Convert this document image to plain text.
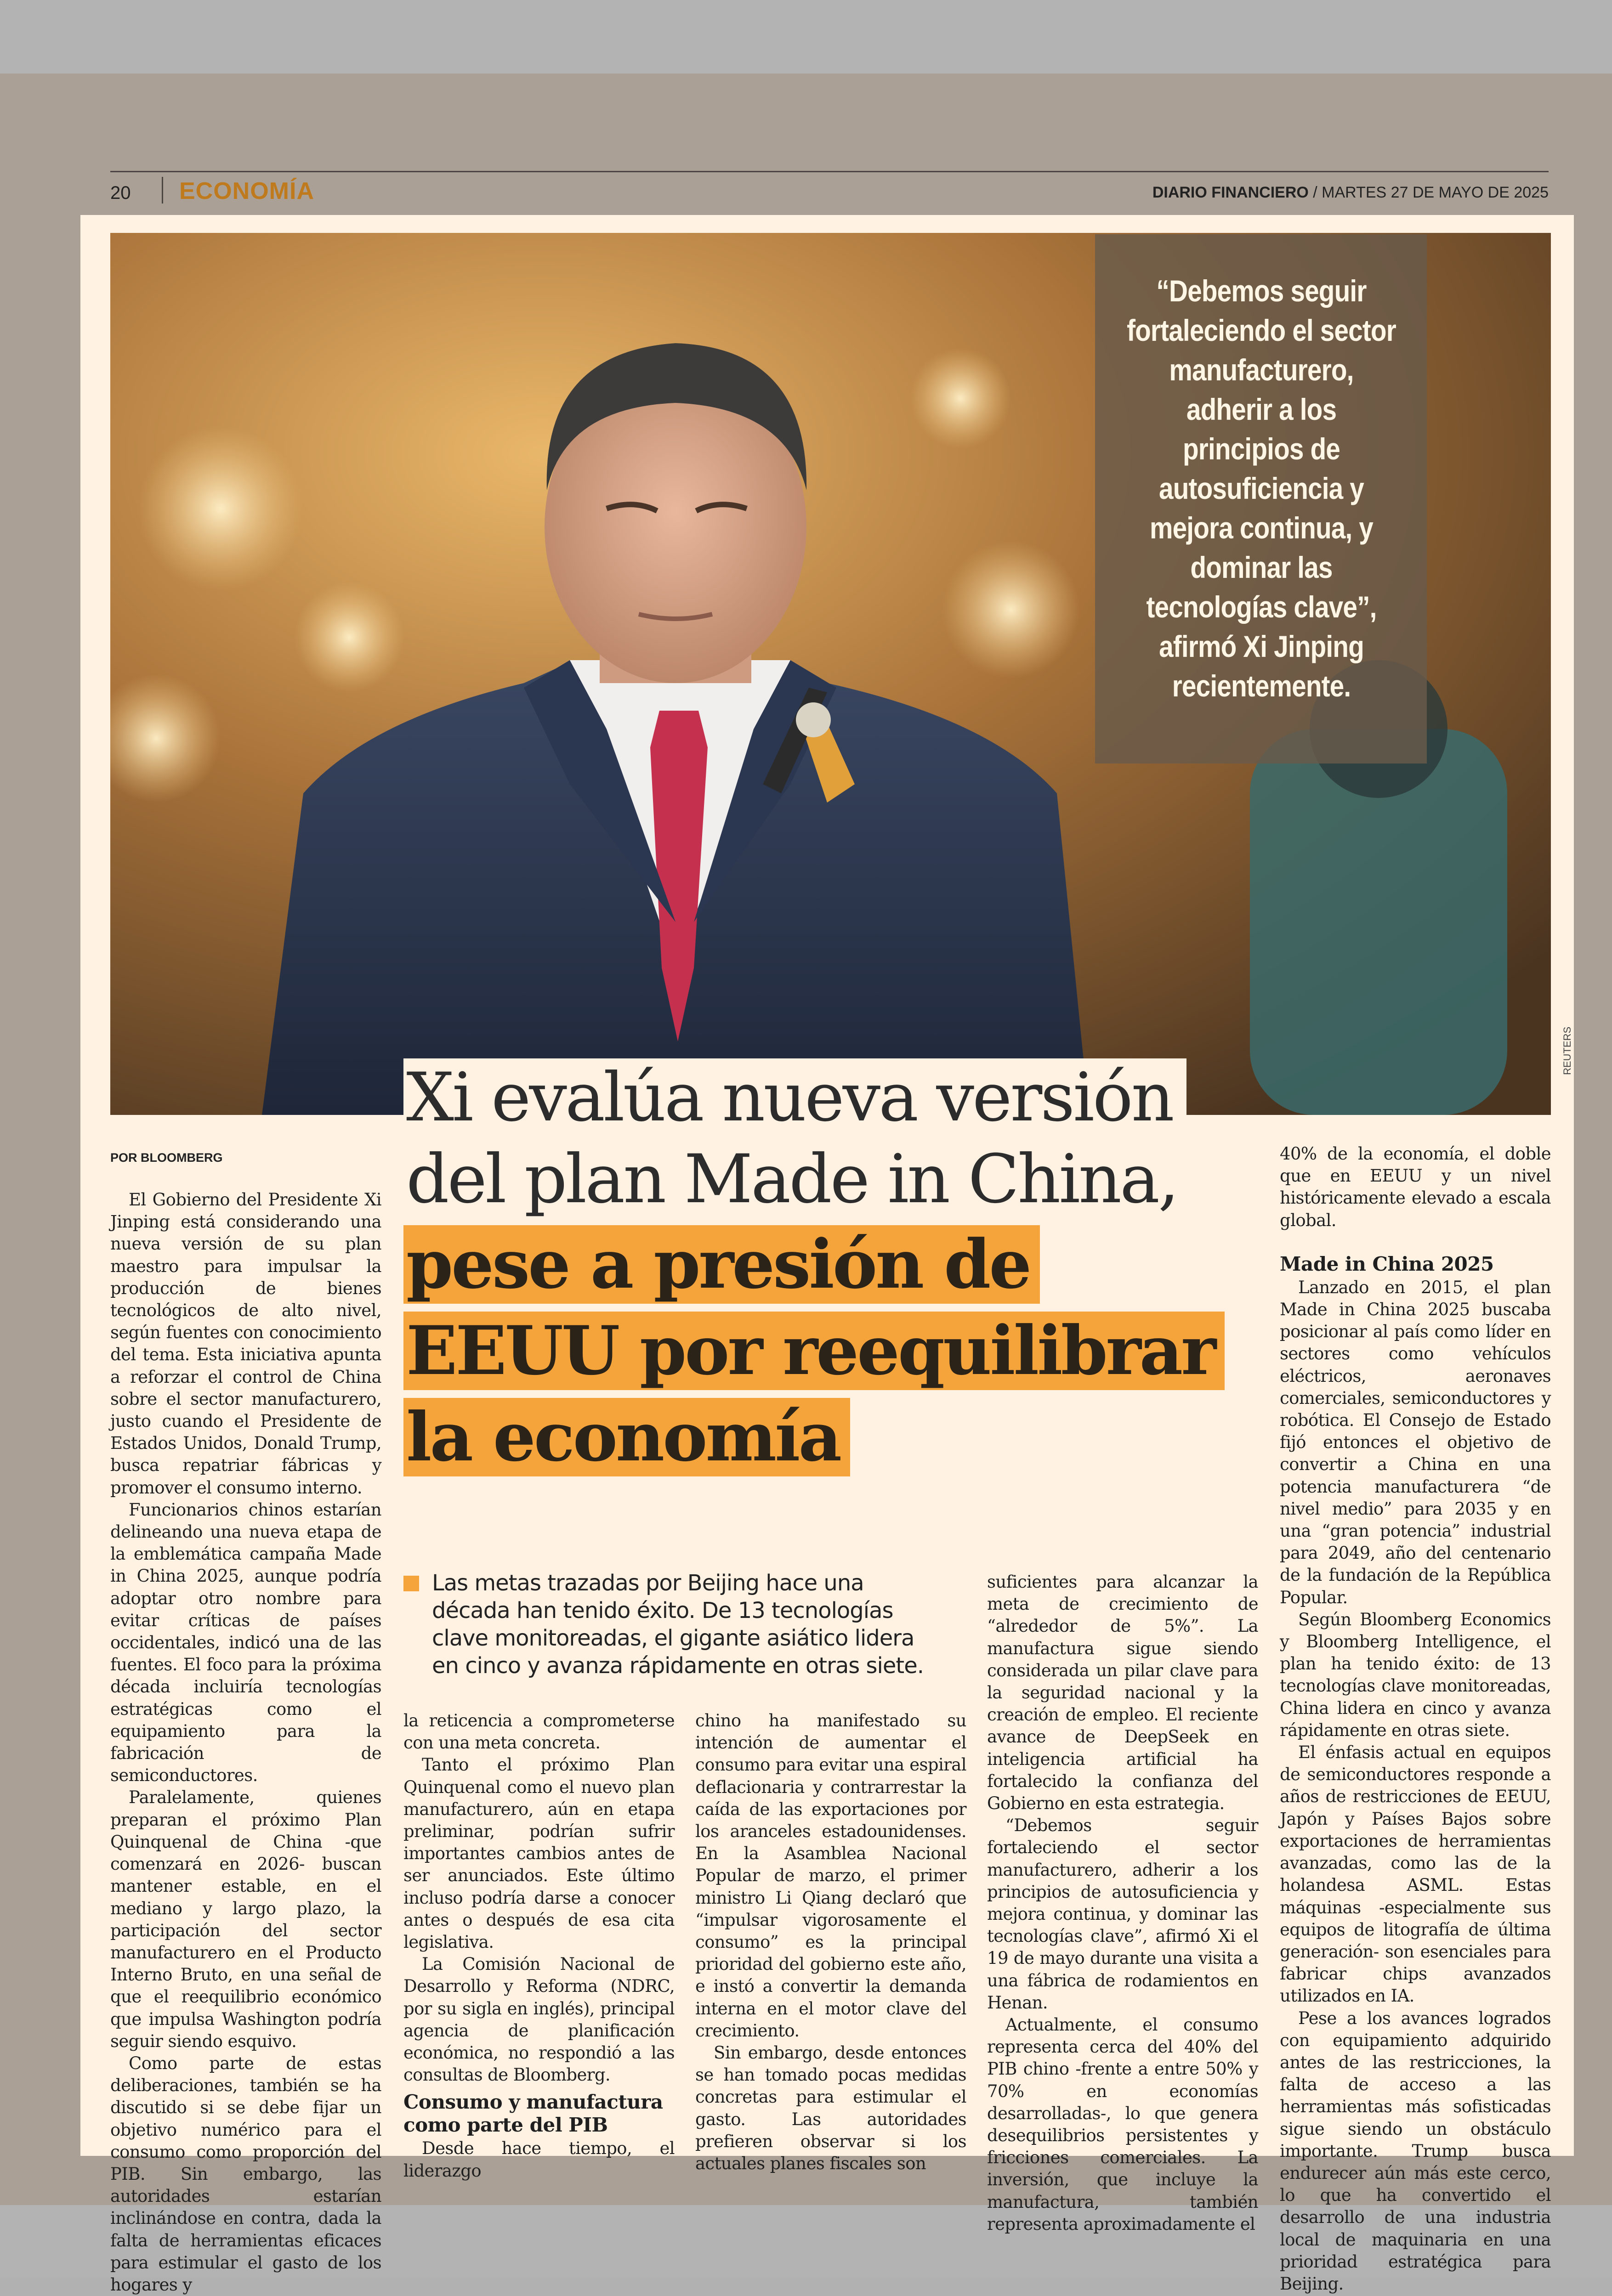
20 ECONOMÍA	DIARIO FINANCIERO / MARTES 27 DE MAYO DE 2025
“Debemos seguir fortaleciendo el sector manufacturero, adherir a los principios de autosuficiencia y mejora continua, y dominar las tecnologías clave”, afirmó Xi Jinping recientemente.
REUTERS
POR BLOOMBERG
Xi evalúa nueva versión
del plan Made in China,
pese a presión de
EEUU por reequilibrar
la economía
Las metas trazadas por Beijing hace una década han tenido éxito. De 13 tecnologías clave monitoreadas, el gigante asiático lidera en cinco y avanza rápidamente en otras siete.

El Gobierno del Presidente Xi Jinping está considerando una nueva versión de su plan maestro para impulsar la producción de bienes tecnológicos de alto nivel, según fuentes con conocimiento del tema. Esta iniciativa apunta a reforzar el control de China sobre el sector manufacturero, justo cuando el Presidente de Estados Unidos, Donald Trump, busca repatriar fábricas y promover el consumo interno.

Funcionarios chinos estarían delineando una nueva etapa de la emblemática campaña Made in China 2025, aunque podría adoptar otro nombre para evitar críticas de países occidentales, indicó una de las fuentes. El foco para la próxima década incluiría tecnologías estratégicas como el equipamiento para la fabricación de semiconductores.

Paralelamente, quienes preparan el próximo Plan Quinquenal de China -que comenzará en 2026- buscan mantener estable, en el mediano y largo plazo, la participación del sector manufacturero en el Producto Interno Bruto, en una señal de que el reequilibrio económico que impulsa Washington podría seguir siendo esquivo.

Como parte de estas deliberaciones, también se ha discutido si se debe fijar un objetivo numérico para el consumo como proporción del PIB. Sin embargo, las autoridades estarían inclinándose en contra, dada la falta de herramientas eficaces para estimular el gasto de los hogares y

la reticencia a comprometerse con una meta concreta.

Tanto el próximo Plan Quinquenal como el nuevo plan manufacturero, aún en etapa preliminar, podrían sufrir importantes cambios antes de ser anunciados. Este último incluso podría darse a conocer antes o después de esa cita legislativa.

La Comisión Nacional de Desarrollo y Reforma (NDRC, por su sigla en inglés), principal agencia de planificación económica, no respondió a las consultas de Bloomberg.

Consumo y manufactura como parte del PIB

Desde hace tiempo, el liderazgo

chino ha manifestado su intención de aumentar el consumo para evitar una espiral deflacionaria y contrarrestar la caída de las exportaciones por los aranceles estadounidenses. En la Asamblea Nacional Popular de marzo, el primer ministro Li Qiang declaró que “impulsar vigorosamente el consumo” es la principal prioridad del gobierno este año, e instó a convertir la demanda interna en el motor clave del crecimiento.

Sin embargo, desde entonces se han tomado pocas medidas concretas para estimular el gasto. Las autoridades prefieren observar si los actuales planes fiscales son

suficientes para alcanzar la meta de crecimiento de “alrededor de 5%”. La manufactura sigue siendo considerada un pilar clave para la seguridad nacional y la creación de empleo. El reciente avance de DeepSeek en inteligencia artificial ha fortalecido la confianza del Gobierno en esta estrategia.

“Debemos seguir fortaleciendo el sector manufacturero, adherir a los principios de autosuficiencia y mejora continua, y dominar las tecnologías clave”, afirmó Xi el 19 de mayo durante una visita a una fábrica de rodamientos en Henan.

Actualmente, el consumo representa cerca del 40% del PIB chino -frente a entre 50% y 70% en economías desarrolladas-, lo que genera desequilibrios persistentes y fricciones comerciales. La inversión, que incluye la manufactura, también representa aproximadamente el

40% de la economía, el doble que en EEUU y un nivel históricamente elevado a escala global.

Made in China 2025

Lanzado en 2015, el plan Made in China 2025 buscaba posicionar al país como líder en sectores como vehículos eléctricos, aeronaves comerciales, semiconductores y robótica. El Consejo de Estado fijó entonces el objetivo de convertir a China en una potencia manufacturera “de nivel medio” para 2035 y en una “gran potencia” industrial para 2049, año del centenario de la fundación de la República Popular.

Según Bloomberg Economics y Bloomberg Intelligence, el plan ha tenido éxito: de 13 tecnologías clave monitoreadas, China lidera en cinco y avanza rápidamente en otras siete.

El énfasis actual en equipos de semiconductores responde a años de restricciones de EEUU, Japón y Países Bajos sobre exportaciones de herramientas avanzadas, como las de la holandesa ASML. Estas máquinas -especialmente sus equipos de litografía de última generación- son esenciales para fabricar chips avanzados utilizados en IA.

Pese a los avances logrados con equipamiento adquirido antes de las restricciones, la falta de acceso a las herramientas más sofisticadas sigue siendo un obstáculo importante. Trump busca endurecer aún más este cerco, lo que ha convertido el desarrollo de una industria local de maquinaria en una prioridad estratégica para Beijing.
